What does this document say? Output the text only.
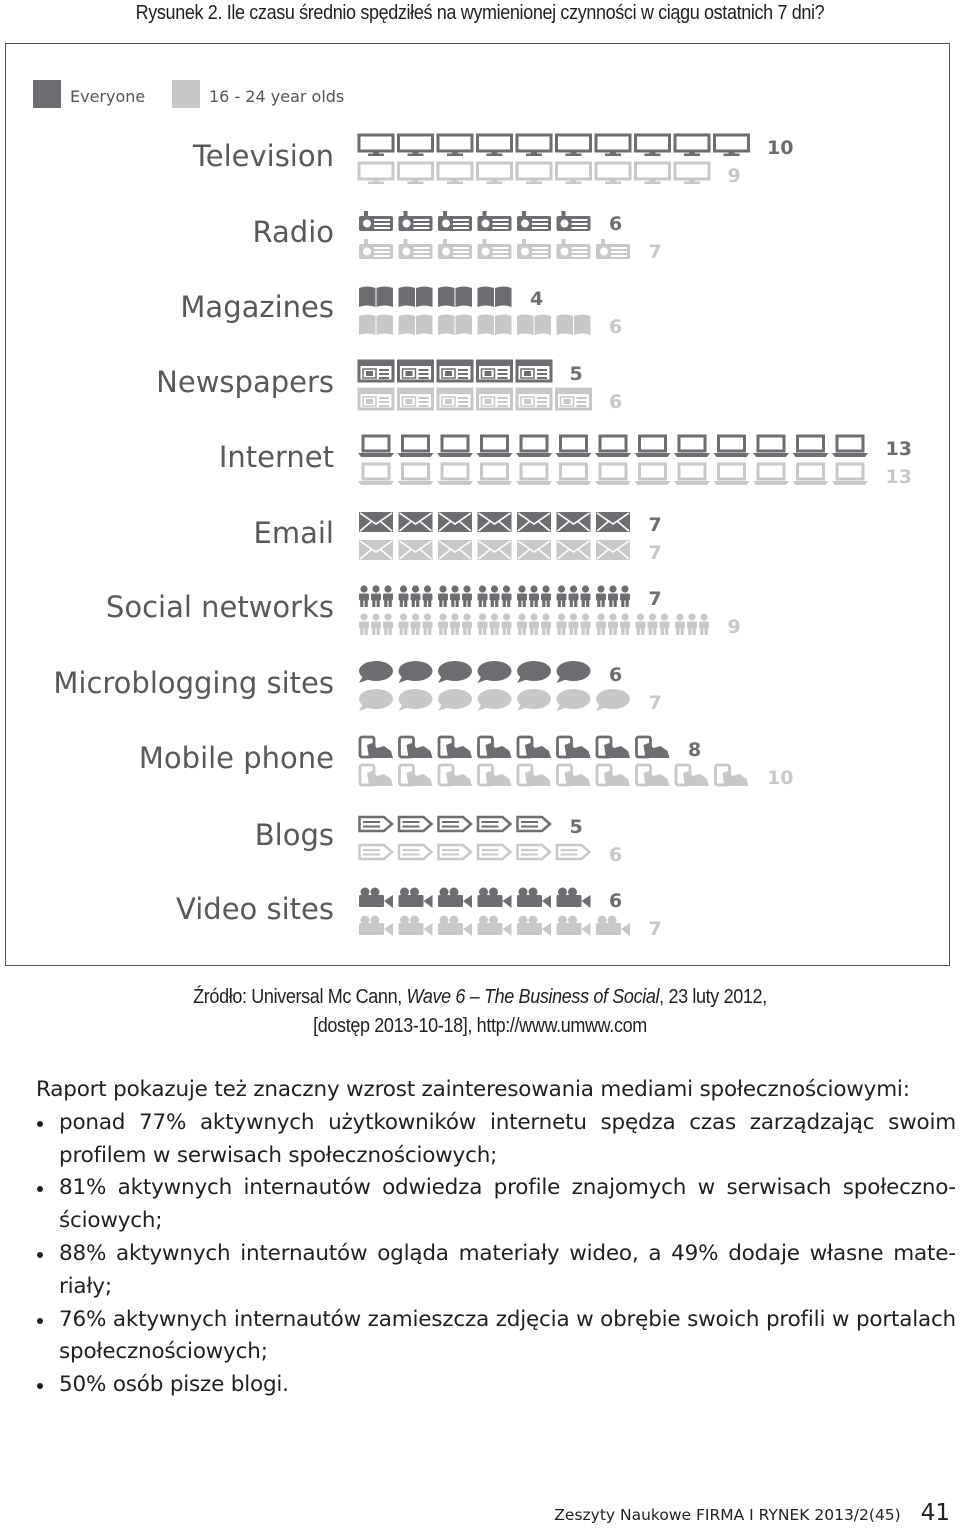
Rysunek 2. Ile czasu średnio spędziłeś na wymienionej czynności w ciągu ostatnich 7 dni?
Everyone	16 - 24 year olds
Television	10
9
Radio	6
7
Magazines	4
6
Newspapers	5
6
Internet	13
13
Email	7
7
Social networks	7
9
Microblogging sites	6
7
Mobile phone	8
10
Blogs	5
6
Video sites	6
7
Źródło: Universal Mc Cann, Wave 6 – The Business of Social, 23 luty 2012,
[dostęp 2013-10-18], http://www.umww.com

Raport pokazuje też znaczny wzrost zainteresowania mediami społecznościowymi:

ponad 77% aktywnych użytkowników internetu spędza czas zarządzając swoim profilem w serwisach społecznościowych;
81% aktywnych internautów odwiedza profile znajomych w serwisach społecznościowych;
88% aktywnych internautów ogląda materiały wideo, a 49% dodaje własne materiały;
76% aktywnych internautów zamieszcza zdjęcia w obrębie swoich profili w portalach społecznościowych;
50% osób pisze blogi.
Zeszyty Naukowe FIRMA I RYNEK 2013/2(45) 41
